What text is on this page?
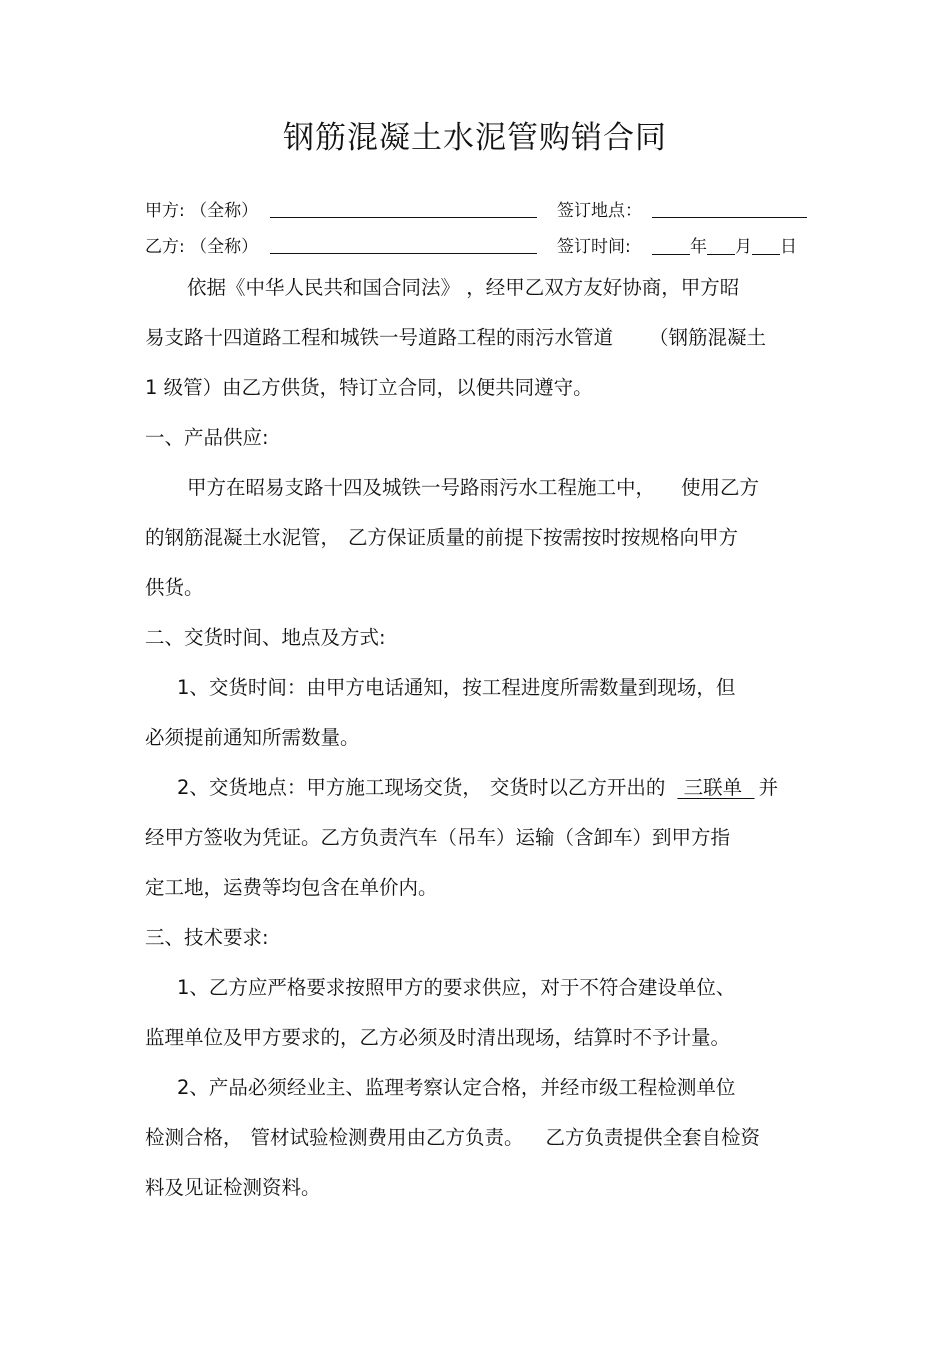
钢筋混凝土水泥管购销合同
甲方: （全称）	签订地点：
乙方: （全称）	签订时间:	年 月 日
依据《中华人民共和国合同法》 ，经甲乙双方友好协商，甲方昭
易支路十四道路工程和城铁一号道路工程的雨污水管道 （钢筋混凝土
1 级管）由乙方供货，特订立合同，以便共同遵守。
一、产品供应:
甲方在昭易支路十四及城铁一号路雨污水工程施工中， 使用乙方
的钢筋混凝土水泥管， 乙方保证质量的前提下按需按时按规格向甲方
供货。
二、交货时间、地点及方式:
1、交货时间：由甲方电话通知，按工程进度所需数量到现场，但
必须提前通知所需数量。
2、交货地点：甲方施工现场交货， 交货时以乙方开出的 三联单 并
经甲方签收为凭证。乙方负责汽车（吊车）运输（含卸车）到甲方指
定工地，运费等均包含在单价内。
三、技术要求:
1、乙方应严格要求按照甲方的要求供应，对于不符合建设单位、
监理单位及甲方要求的，乙方必须及时清出现场，结算时不予计量。
2、产品必须经业主、监理考察认定合格，并经市级工程检测单位
检测合格， 管材试验检测费用由乙方负责。 乙方负责提供全套自检资
料及见证检测资料。
